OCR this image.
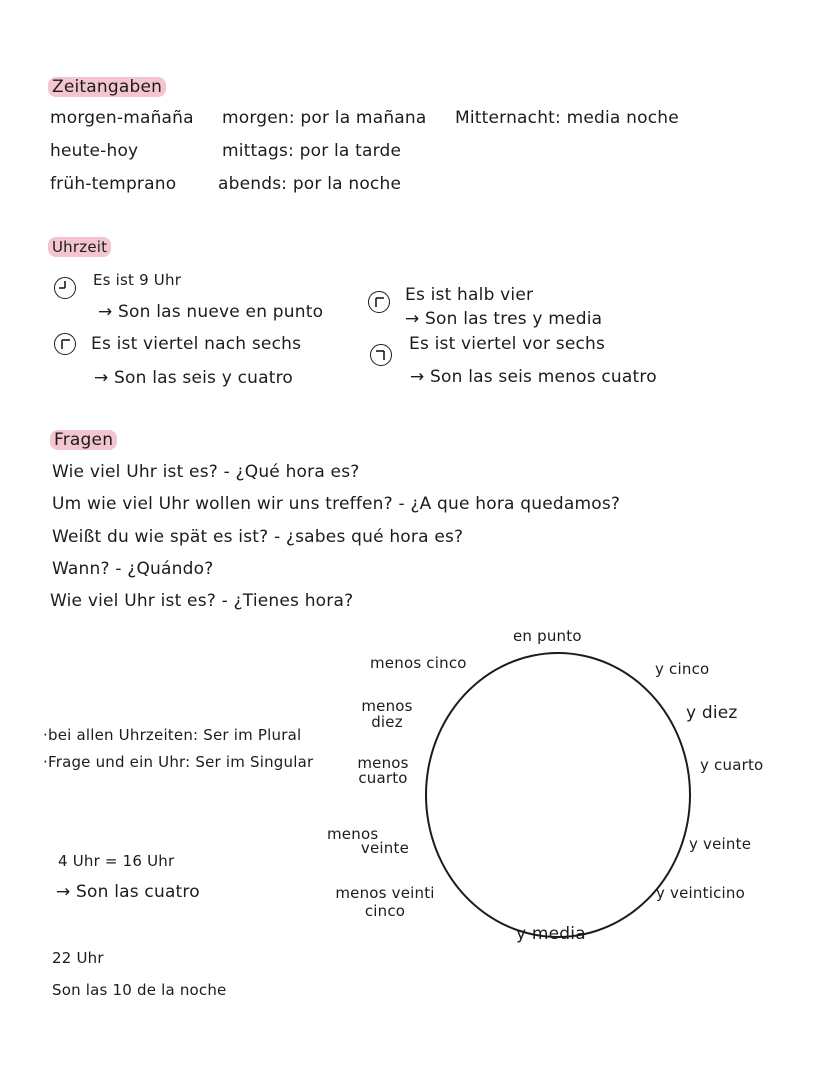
Zeitangaben
morgen-mañaña
heute-hoy
früh-temprano
morgen: por la mañana
mittags: por la tarde
abends: por la noche
Mitternacht: media noche
Uhrzeit
Es ist 9 Uhr
→ Son las nueve en punto
Es ist viertel nach sechs
→ Son las seis y cuatro
Es ist halb vier
→ Son las tres y media
Es ist viertel vor sechs
→ Son las seis menos cuatro
Fragen
Wie viel Uhr ist es? - ¿Qué hora es?
Um wie viel Uhr wollen wir uns treffen? - ¿A que hora quedamos?
Weißt du wie spät es ist? - ¿sabes qué hora es?
Wann? - ¿Quándo?
Wie viel Uhr ist es? - ¿Tienes hora?
·bei allen Uhrzeiten: Ser im Plural
·Frage und ein Uhr: Ser im Singular
4 Uhr = 16 Uhr
→ Son las cuatro
22 Uhr
Son las 10 de la noche
en punto
y cinco
y diez
y cuarto
y veinte
y veinticino
y media
menos cinco
menos
diez
menos
cuarto
menos
veinte
menos veinti
cinco
